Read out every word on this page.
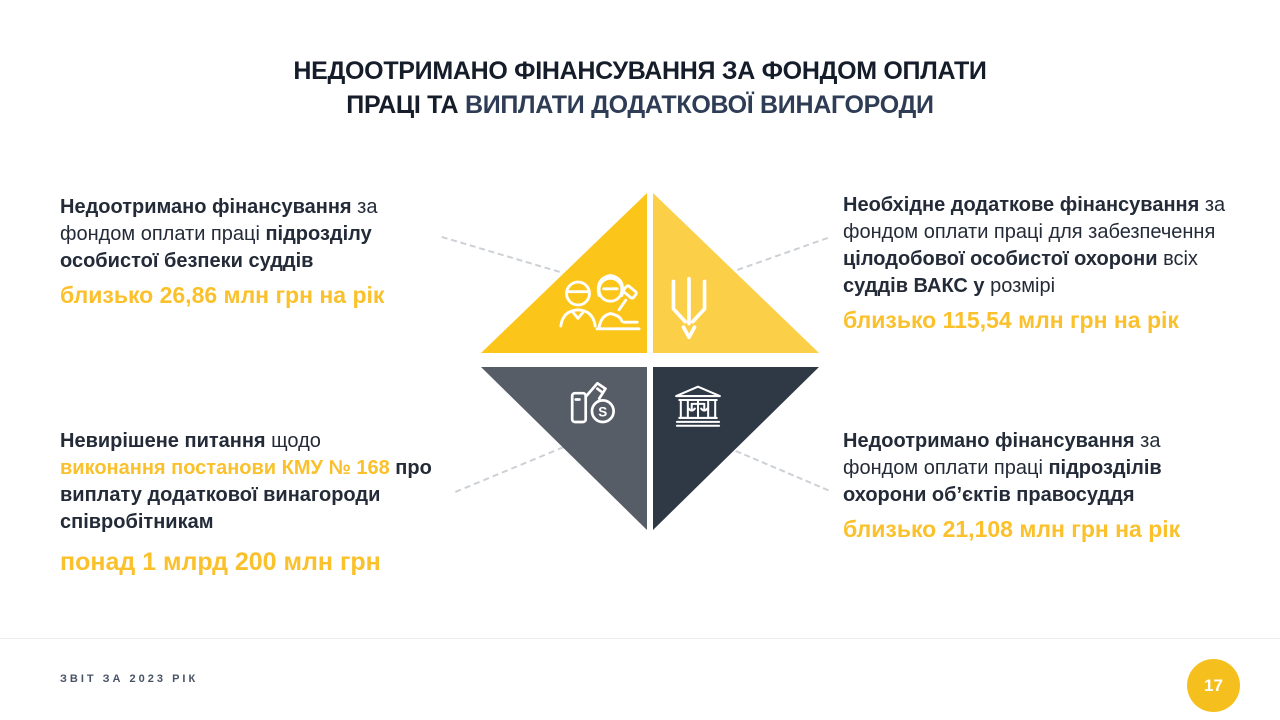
НЕДООТРИМАНО ФІНАНСУВАННЯ ЗА ФОНДОМ ОПЛАТИ
ПРАЦІ ТА ВИПЛАТИ ДОДАТКОВОЇ ВИНАГОРОДИ
Недоотримано фінансування за
фондом оплати праці підрозділу
особистої безпеки суддів
близько 26,86 млн грн на рік
Необхідне додаткове фінансування за
фондом оплати праці для забезпечення
цілодобової особистої охорони всіх
суддів ВАКС у розмірі
близько 115,54 млн грн на рік
Невирішене питання щодо
виконання постанови КМУ № 168 про
виплату додаткової винагороди
співробітникам
понад 1 млрд 200 млн грн
Недоотримано фінансування за
фондом оплати праці підрозділів
охорони об’єктів правосуддя
близько 21,108 млн грн на рік
S
ЗВІТ ЗА 2023 РІК	17
